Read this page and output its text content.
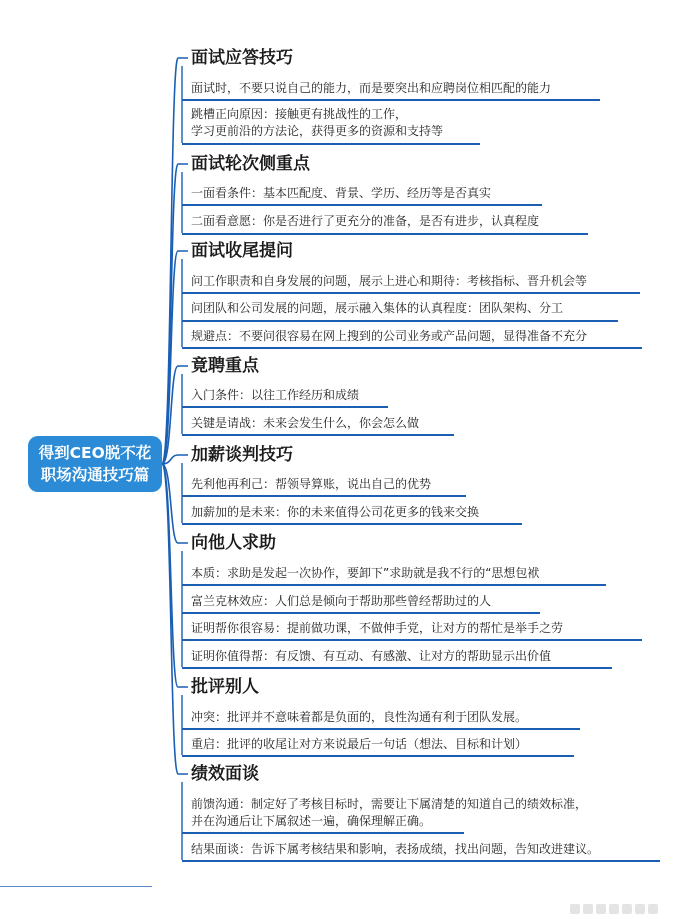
得到CEO脱不花
职场沟通技巧篇
面试应答技巧
面试时，不要只说自己的能力，而是要突出和应聘岗位相匹配的能力
跳槽正向原因：接触更有挑战性的工作，
学习更前沿的方法论，获得更多的资源和支持等
面试轮次侧重点
一面看条件：基本匹配度、背景、学历、经历等是否真实
二面看意愿：你是否进行了更充分的准备，是否有进步，认真程度
面试收尾提问
问工作职责和自身发展的问题，展示上进心和期待：考核指标、晋升机会等
问团队和公司发展的问题，展示融入集体的认真程度：团队架构、分工
规避点：不要问很容易在网上搜到的公司业务或产品问题，显得准备不充分
竟聘重点
入门条件：以往工作经历和成绩
关键是请战：未来会发生什么，你会怎么做
加薪谈判技巧
先利他再利己：帮领导算账，说出自己的优势
加薪加的是未来：你的未来值得公司花更多的钱来交换
向他人求助
本质：求助是发起一次协作，要卸下”求助就是我不行的“思想包袱
富兰克林效应：人们总是倾向于帮助那些曾经帮助过的人
证明帮你很容易：提前做功课，不做伸手党，让对方的帮忙是举手之劳
证明你值得帮：有反馈、有互动、有感激、让对方的帮助显示出价值
批评别人
冲突：批评并不意味着都是负面的，良性沟通有利于团队发展。
重启：批评的收尾让对方来说最后一句话（想法、目标和计划）
绩效面谈
前馈沟通：制定好了考核目标时，需要让下属清楚的知道自己的绩效标准，
并在沟通后让下属叙述一遍，确保理解正确。
结果面谈：告诉下属考核结果和影响，表扬成绩，找出问题，告知改进建议。
